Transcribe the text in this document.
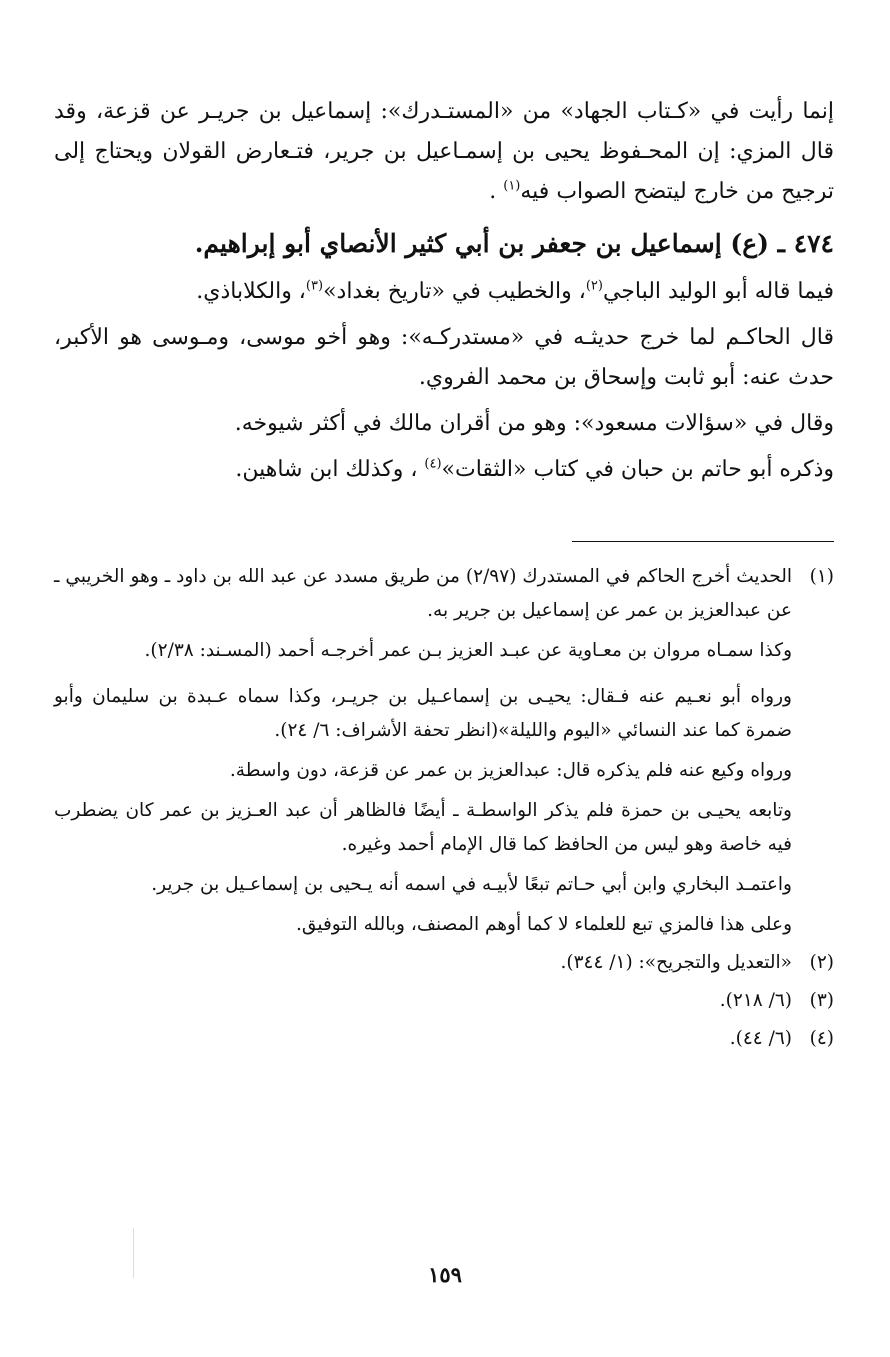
إنما رأيت في «كـتاب الجهاد» من «المستـدرك»: إسماعيل بن جريـر عن قزعة، وقد قال المزي: إن المحـفوظ يحيى بن إسمـاعيل بن جرير، فتـعارض القولان ويحتاج إلى ترجيح من خارج ليتضح الصواب فيه$^{(١)}$ .

٤٧٤ ـ (ع) إسماعيل بن جعفر بن أبي كثير الأنصاي أبو إبراهيم.

فيما قاله أبو الوليد الباجي$^{(٢)}$، والخطيب في «تاريخ بغداد»$^{(٣)}$، والكلاباذي.

قال الحاكـم لما خرج حديثـه في «مستدركـه»: وهو أخو موسى، ومـوسى هو الأكبر، حدث عنه: أبو ثابت وإسحاق بن محمد الفروي.

وقال في «سؤالات مسعود»: وهو من أقران مالك في أكثر شيوخه.

وذكره أبو حاتم بن حبان في كتاب «الثقات»$^{(٤)}$ ، وكذلك ابن شاهين.

(١)

الحديث أخرج الحاكم في المستدرك (٢/٩٧) من طريق مسدد عن عبد الله بن داود ـ وهو الخريبي ـ عن عبدالعزيز بن عمر عن إسماعيل بن جرير به.

وكذا سمـاه مروان بن معـاوية عن عبـد العزيز بـن عمر أخرجـه أحمد (المسـند: ٢/٣٨).

ورواه أبو نعـيم عنه فـقال: يحيـى بن إسماعـيل بن جريـر، وكذا سماه عـبدة بن سليمان وأبو ضمرة كما عند النسائي «اليوم والليلة»(انظر تحفة الأشراف: ٦/ ٢٤).

ورواه وكيع عنه فلم يذكره قال: عبدالعزيز بن عمر عن قزعة، دون واسطة.

وتابعه يحيـى بن حمزة فلم يذكر الواسطـة ـ أيضًا فالظاهر أن عبد العـزيز بن عمر كان يضطرب فيه خاصة وهو ليس من الحافظ كما قال الإمام أحمد وغيره.

واعتمـد البخاري وابن أبي حـاتم تبعًا لأبيـه في اسمه أنه يـحيى بن إسماعـيل بن جرير.

وعلى هذا فالمزي تبع للعلماء لا كما أوهم المصنف، وبالله التوفيق.

(٢)

«التعديل والتجريح»: (١/ ٣٤٤).

(٣)

(٦/ ٢١٨).

(٤)

(٦/ ٤٤).

١٥٩
